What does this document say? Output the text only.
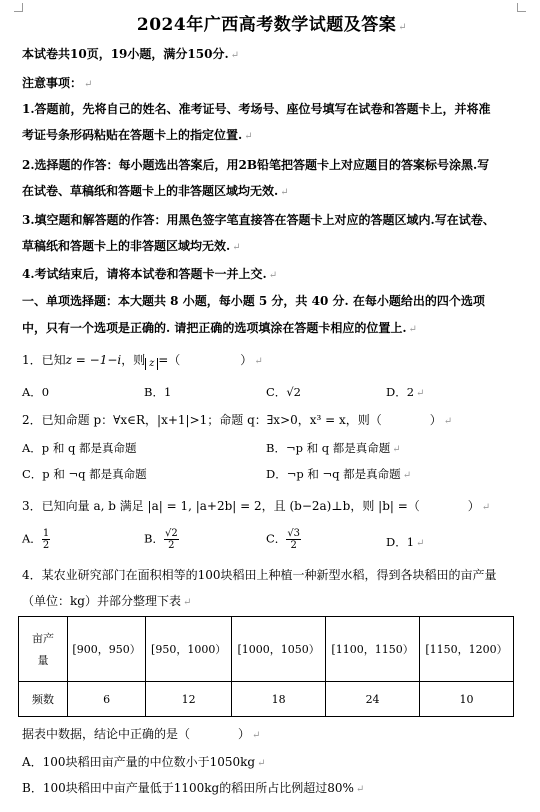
2024年广西高考数学试题及答案 ↵
本试卷共10页，19小题，满分150分. ↵
注意事项： ↵
1.答题前，先将自己的姓名、准考证号、考场号、座位号填写在试卷和答题卡上，并将准
考证号条形码粘贴在答题卡上的指定位置. ↵
2.选择题的作答：每小题选出答案后，用2B铅笔把答题卡上对应题目的答案标号涂黑.写
在试卷、草稿纸和答题卡上的非答题区域均无效. ↵
3.填空题和解答题的作答：用黑色签字笔直接答在答题卡上对应的答题区域内.写在试卷、
草稿纸和答题卡上的非答题区域均无效. ↵
4.考试结束后，请将本试卷和答题卡一并上交. ↵
一、单项选择题：本大题共 8 小题，每小题 5 分，共 40 分. 在每小题给出的四个选项
中，只有一个选项是正确的. 请把正确的选项填涂在答题卡相应的位置上. ↵
1．已知z = −1−i，则 z =（　　　　　） ↵
A．0	B．1	C．√2	D．2 ↵
2．已知命题 p：∀x∈R，|x+1|>1；命题 q：∃x>0，x³ = x，则（　　　　） ↵
A．p 和 q 都是真命题	B．¬p 和 q 都是真命题 ↵
C．p 和 ¬q 都是真命题	D．¬p 和 ¬q 都是真命题 ↵
3．已知向量 a, b 满足 |a| = 1, |a+2b| = 2，且 (b−2a)⊥b，则 |b| =（　　　　） ↵
A． $\frac{1}{2}$	B． $\frac{√2}{2}$	C． $\frac{√3}{2}$	D．1 ↵
4．某农业研究部门在面积相等的100块稻田上种植一种新型水稻，得到各块稻田的亩产量
（单位：kg）并部分整理下表 ↵
亩产
量	[900，950）	[950，1000）	[1000，1050）	[1100，1150）	[1150，1200）
频数	6	12	18	24	10
据表中数据，结论中正确的是（　　　　） ↵
A．100块稻田亩产量的中位数小于1050kg ↵
B．100块稻田中亩产量低于1100kg的稻田所占比例超过80% ↵
